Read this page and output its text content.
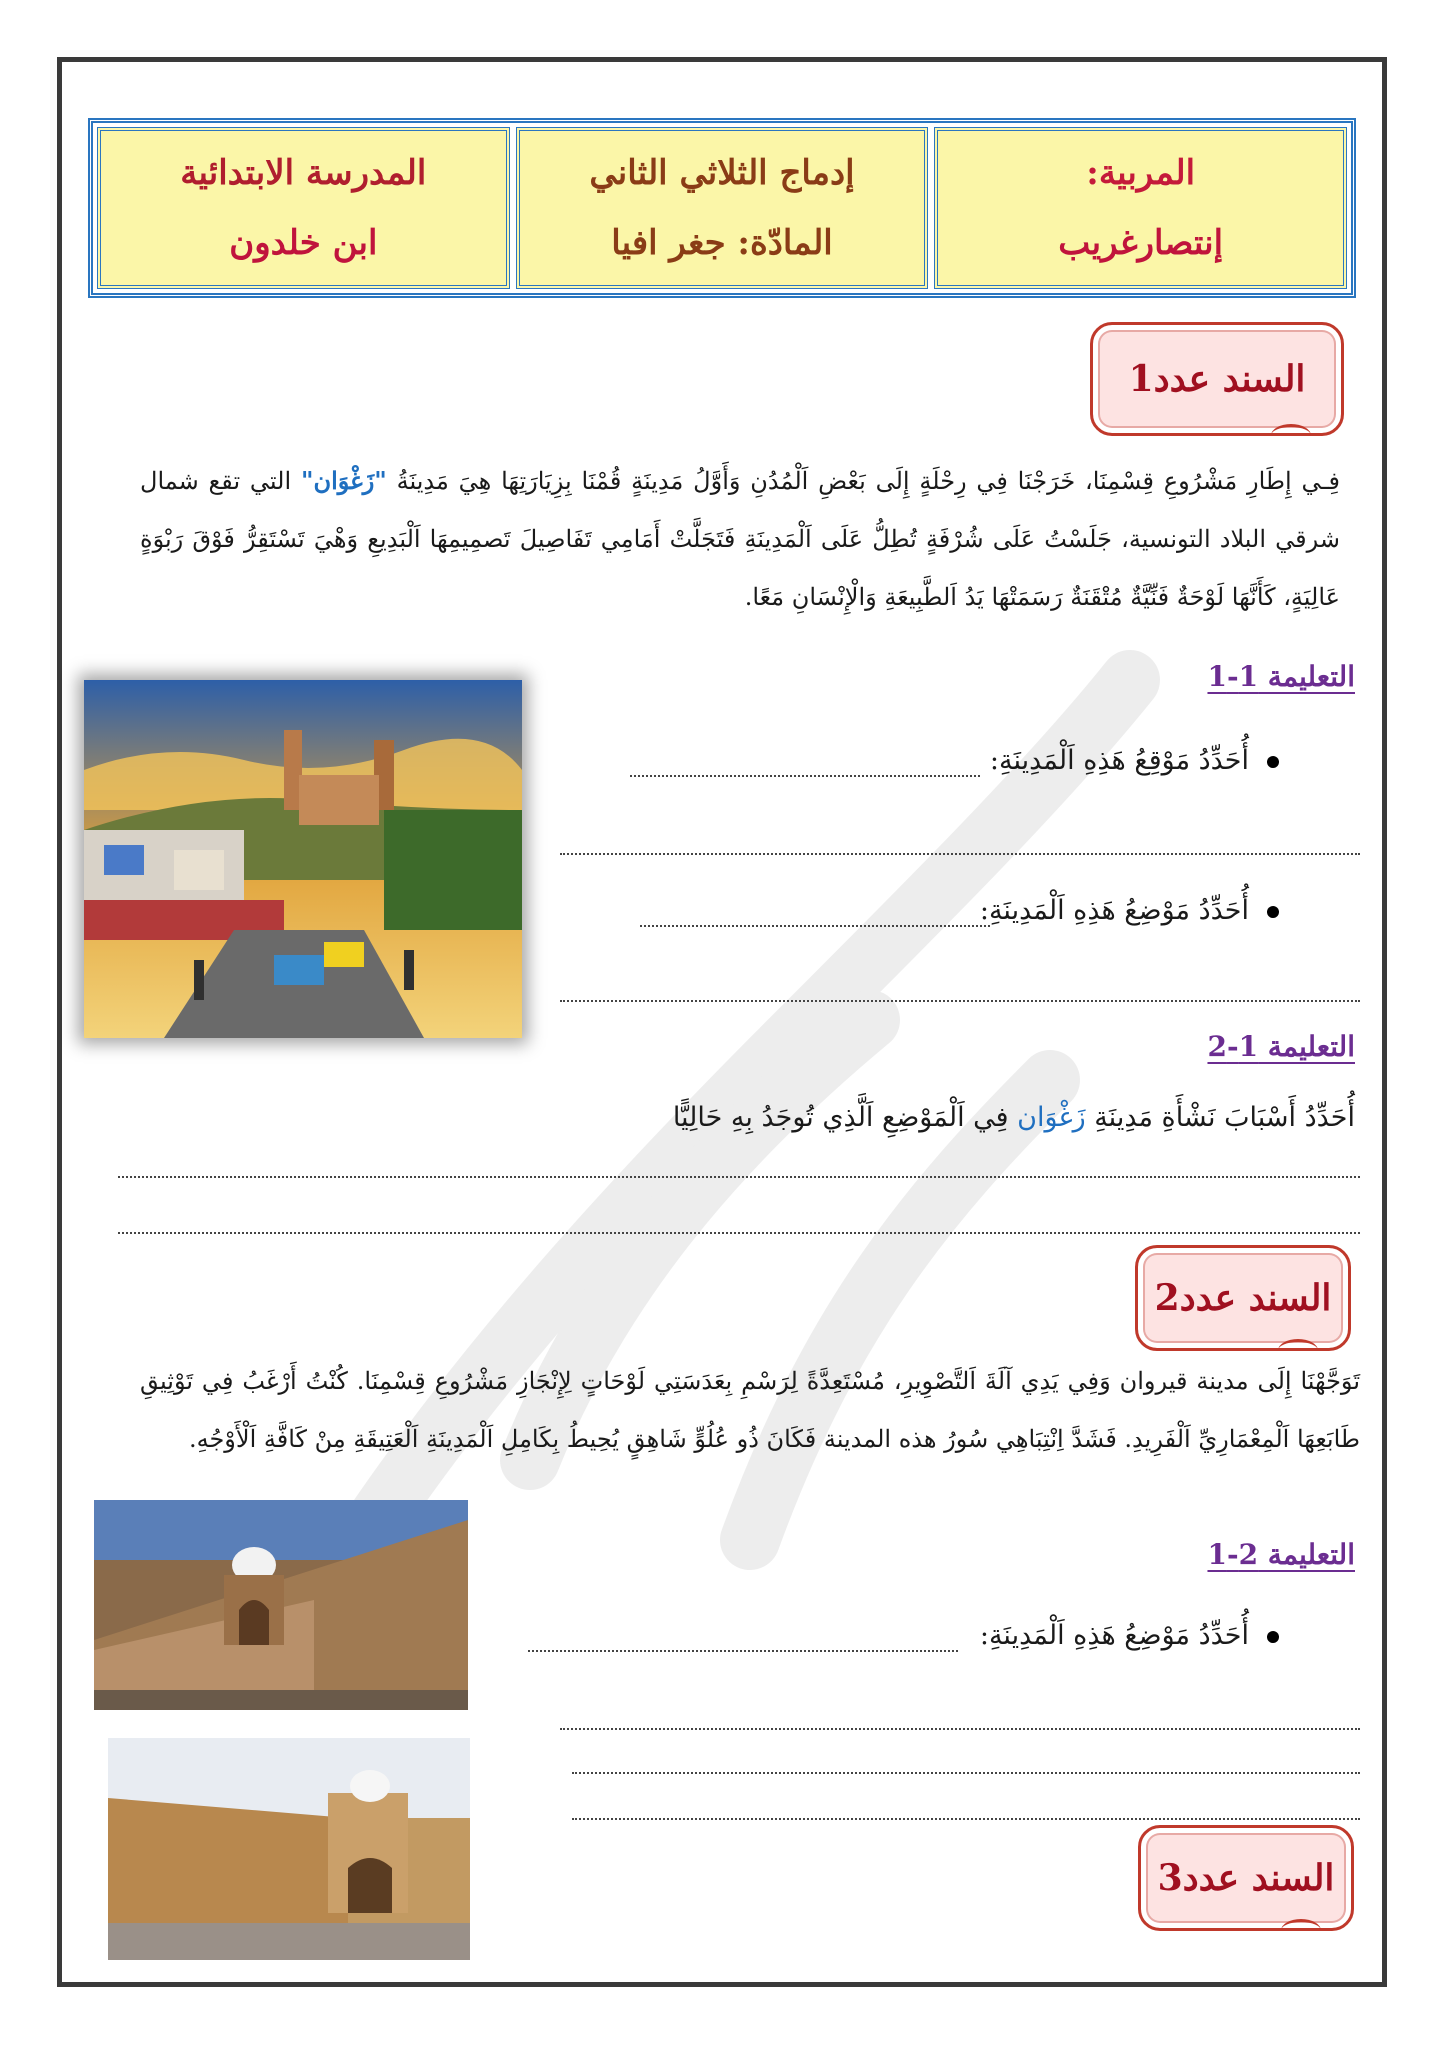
المربية:
إنتصارغريب
إدماج الثلاثي الثاني
المادّة: جغر افيا
المدرسة الابتدائية
ابن خلدون
السند عدد1
فِـي إِطَارِ مَشْرُوعِ قِسْمِنَا، خَرَجْنَا فِي رِحْلَةٍ إِلَى بَعْضِ اَلْمُدُنِ وَأَوَّلُ مَدِينَةٍ قُمْنَا بِزِيَارَتِهَا هِيَ مَدِينَةُ "زَغْوَان" التي تقع شمال شرقي البلاد التونسية، جَلَسْتُ عَلَى شُرْفَةٍ تُطِلُّ عَلَى اَلْمَدِينَةِ فَتَجَلَّتْ أَمَامِي تَفَاصِيلَ تَصمِيمِهَا اَلْبَدِيعِ وَهْيَ تَسْتَقِرُّ فَوْقَ رَبْوَةٍ عَالِيَةٍ، كَأَنَّهَا لَوْحَةٌ فَنِّيَّةٌ مُتْقَنَةٌ رَسَمَتْهَا يَدُ اَلطَّبِيعَةِ وَالْإِنْسَانِ مَعًا.
التعليمة 1-1
أُحَدِّدُ مَوْقِعُ هَذِهِ اَلْمَدِينَةِ:
أُحَدِّدُ مَوْضِعُ هَذِهِ اَلْمَدِينَةِ:
التعليمة 1-2
أُحَدِّدُ أَسْبَابَ نَشْأَةِ مَدِينَةِ زَغْوَان فِي اَلْمَوْضِعِ اَلَّذِي تُوجَدُ بِهِ حَالِيًّا
السند عدد2
تَوَجَّهْنَا إِلَى مدينة قيروان وَفِي يَدِي آلَةَ اَلتَّصْوِيرِ، مُسْتَعِدَّةً لِرَسْمِ بِعَدَسَتِي لَوْحَاتٍ لِإِنْجَازِ مَشْرُوعِ قِسْمِنَا. كُنْتُ أَرْغَبُ فِي تَوْثِيقِ طَابَعِهَا اَلْمِعْمَارِيِّ اَلْفَرِيدِ. فَشَدَّ اِنْتِبَاهِي سُورُ هذه المدينة فَكَانَ ذُو عُلُوٍّ شَاهِقٍ يُحِيطُ بِكَامِلِ اَلْمَدِينَةِ اَلْعَتِيقَةِ مِنْ كَافَّةِ اَلْأَوْجُهِ.
التعليمة 2-1
أُحَدِّدُ مَوْضِعُ هَذِهِ اَلْمَدِينَةِ:
السند عدد3
